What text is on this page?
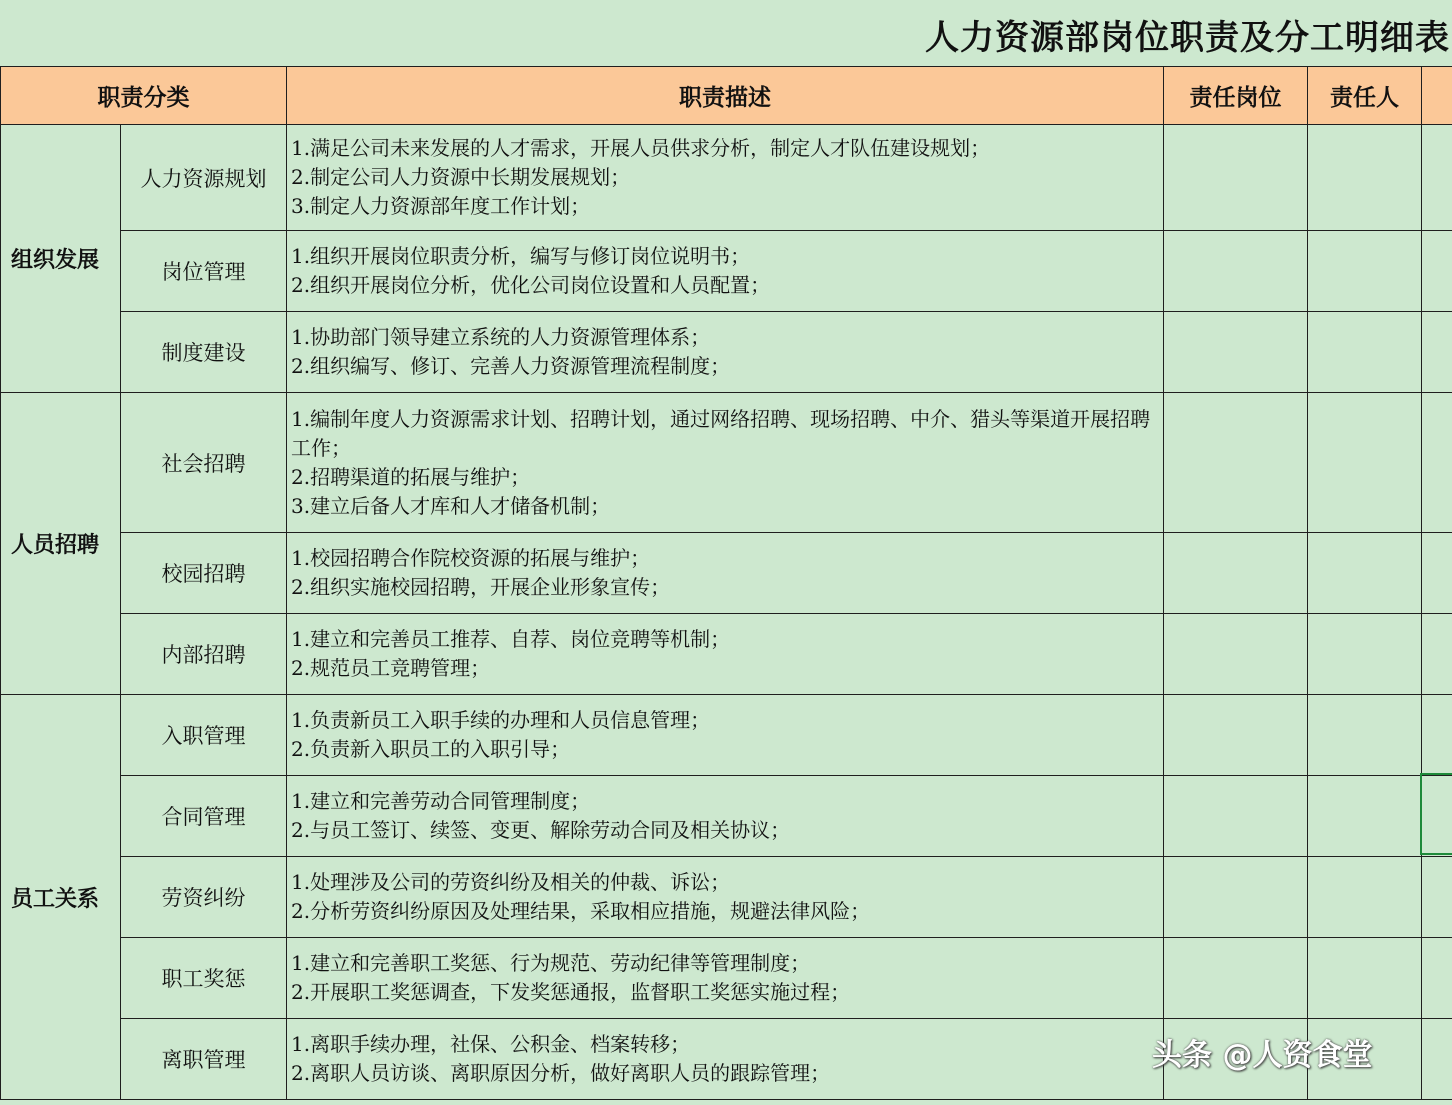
人力资源部岗位职责及分工明细表
职责分类		职责描述	责任岗位	责任人	
组织发展	人力资源规划	1.满足公司未来发展的人才需求，开展人员供求分析，制定人才队伍建设规划；
2.制定公司人力资源中长期发展规划；
3.制定人力资源部年度工作计划；			

	岗位管理	1.组织开展岗位职责分析，编写与修订岗位说明书；
2.组织开展岗位分析，优化公司岗位设置和人员配置；			

	制度建设	1.协助部门领导建立系统的人力资源管理体系；
2.组织编写、修订、完善人力资源管理流程制度；			

人员招聘	社会招聘	1.编制年度人力资源需求计划、招聘计划，通过网络招聘、现场招聘、中介、猎头等渠道开展招聘工作；
2.招聘渠道的拓展与维护；
3.建立后备人才库和人才储备机制；			

	校园招聘	1.校园招聘合作院校资源的拓展与维护；
2.组织实施校园招聘，开展企业形象宣传；			

	内部招聘	1.建立和完善员工推荐、自荐、岗位竞聘等机制；
2.规范员工竞聘管理；			

员工关系	入职管理	1.负责新员工入职手续的办理和人员信息管理；
2.负责新入职员工的入职引导；			

	合同管理	1.建立和完善劳动合同管理制度；
2.与员工签订、续签、变更、解除劳动合同及相关协议；			

	劳资纠纷	1.处理涉及公司的劳资纠纷及相关的仲裁、诉讼；
2.分析劳资纠纷原因及处理结果，采取相应措施，规避法律风险；			

	职工奖惩	1.建立和完善职工奖惩、行为规范、劳动纪律等管理制度；
2.开展职工奖惩调查，下发奖惩通报，监督职工奖惩实施过程；			

	离职管理	1.离职手续办理，社保、公积金、档案转移；
2.离职人员访谈、离职原因分析，做好离职人员的跟踪管理；			
				头条 @人资食堂
